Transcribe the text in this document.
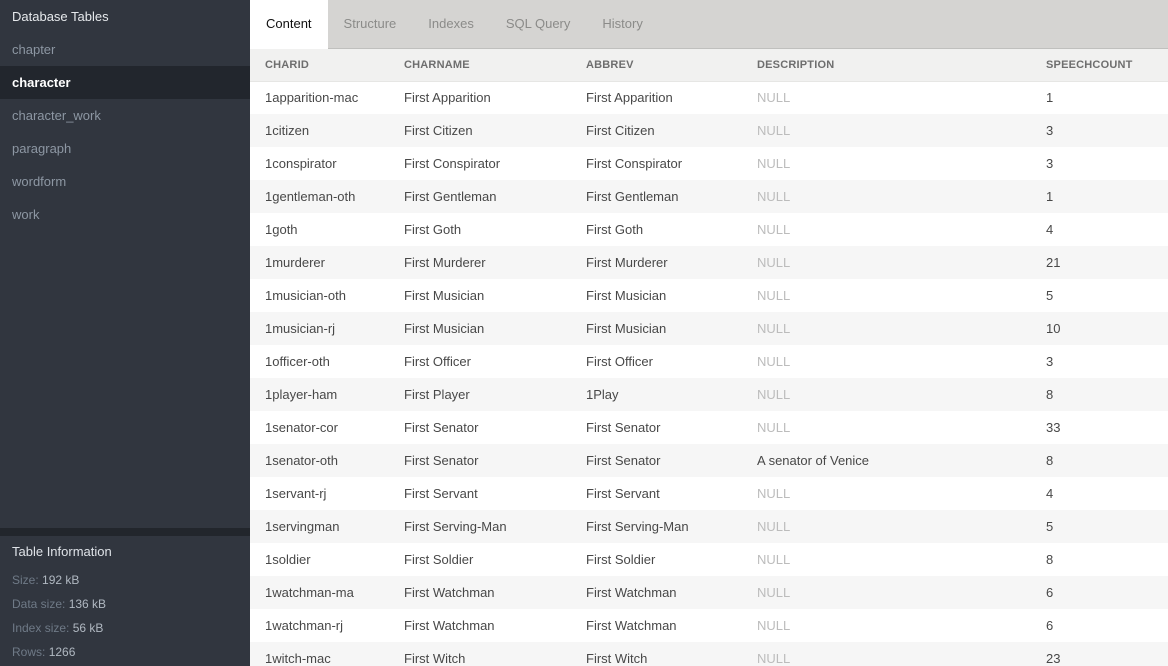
Database Tables
chapter
character
character_work
paragraph
wordform
work
Table Information
Size: 192 kB
Data size: 136 kB
Index size: 56 kB
Rows: 1266
Content	Structure	Indexes	SQL Query	History
CHARID	CHARNAME	ABBREV	DESCRIPTION	SPEECHCOUNT
1apparition-mac	First Apparition	First Apparition	NULL	1
1citizen	First Citizen	First Citizen	NULL	3
1conspirator	First Conspirator	First Conspirator	NULL	3
1gentleman-oth	First Gentleman	First Gentleman	NULL	1
1goth	First Goth	First Goth	NULL	4
1murderer	First Murderer	First Murderer	NULL	21
1musician-oth	First Musician	First Musician	NULL	5
1musician-rj	First Musician	First Musician	NULL	10
1officer-oth	First Officer	First Officer	NULL	3
1player-ham	First Player	1Play	NULL	8
1senator-cor	First Senator	First Senator	NULL	33
1senator-oth	First Senator	First Senator	A senator of Venice	8
1servant-rj	First Servant	First Servant	NULL	4
1servingman	First Serving-Man	First Serving-Man	NULL	5
1soldier	First Soldier	First Soldier	NULL	8
1watchman-ma	First Watchman	First Watchman	NULL	6
1watchman-rj	First Watchman	First Watchman	NULL	6
1witch-mac	First Witch	First Witch	NULL	23
